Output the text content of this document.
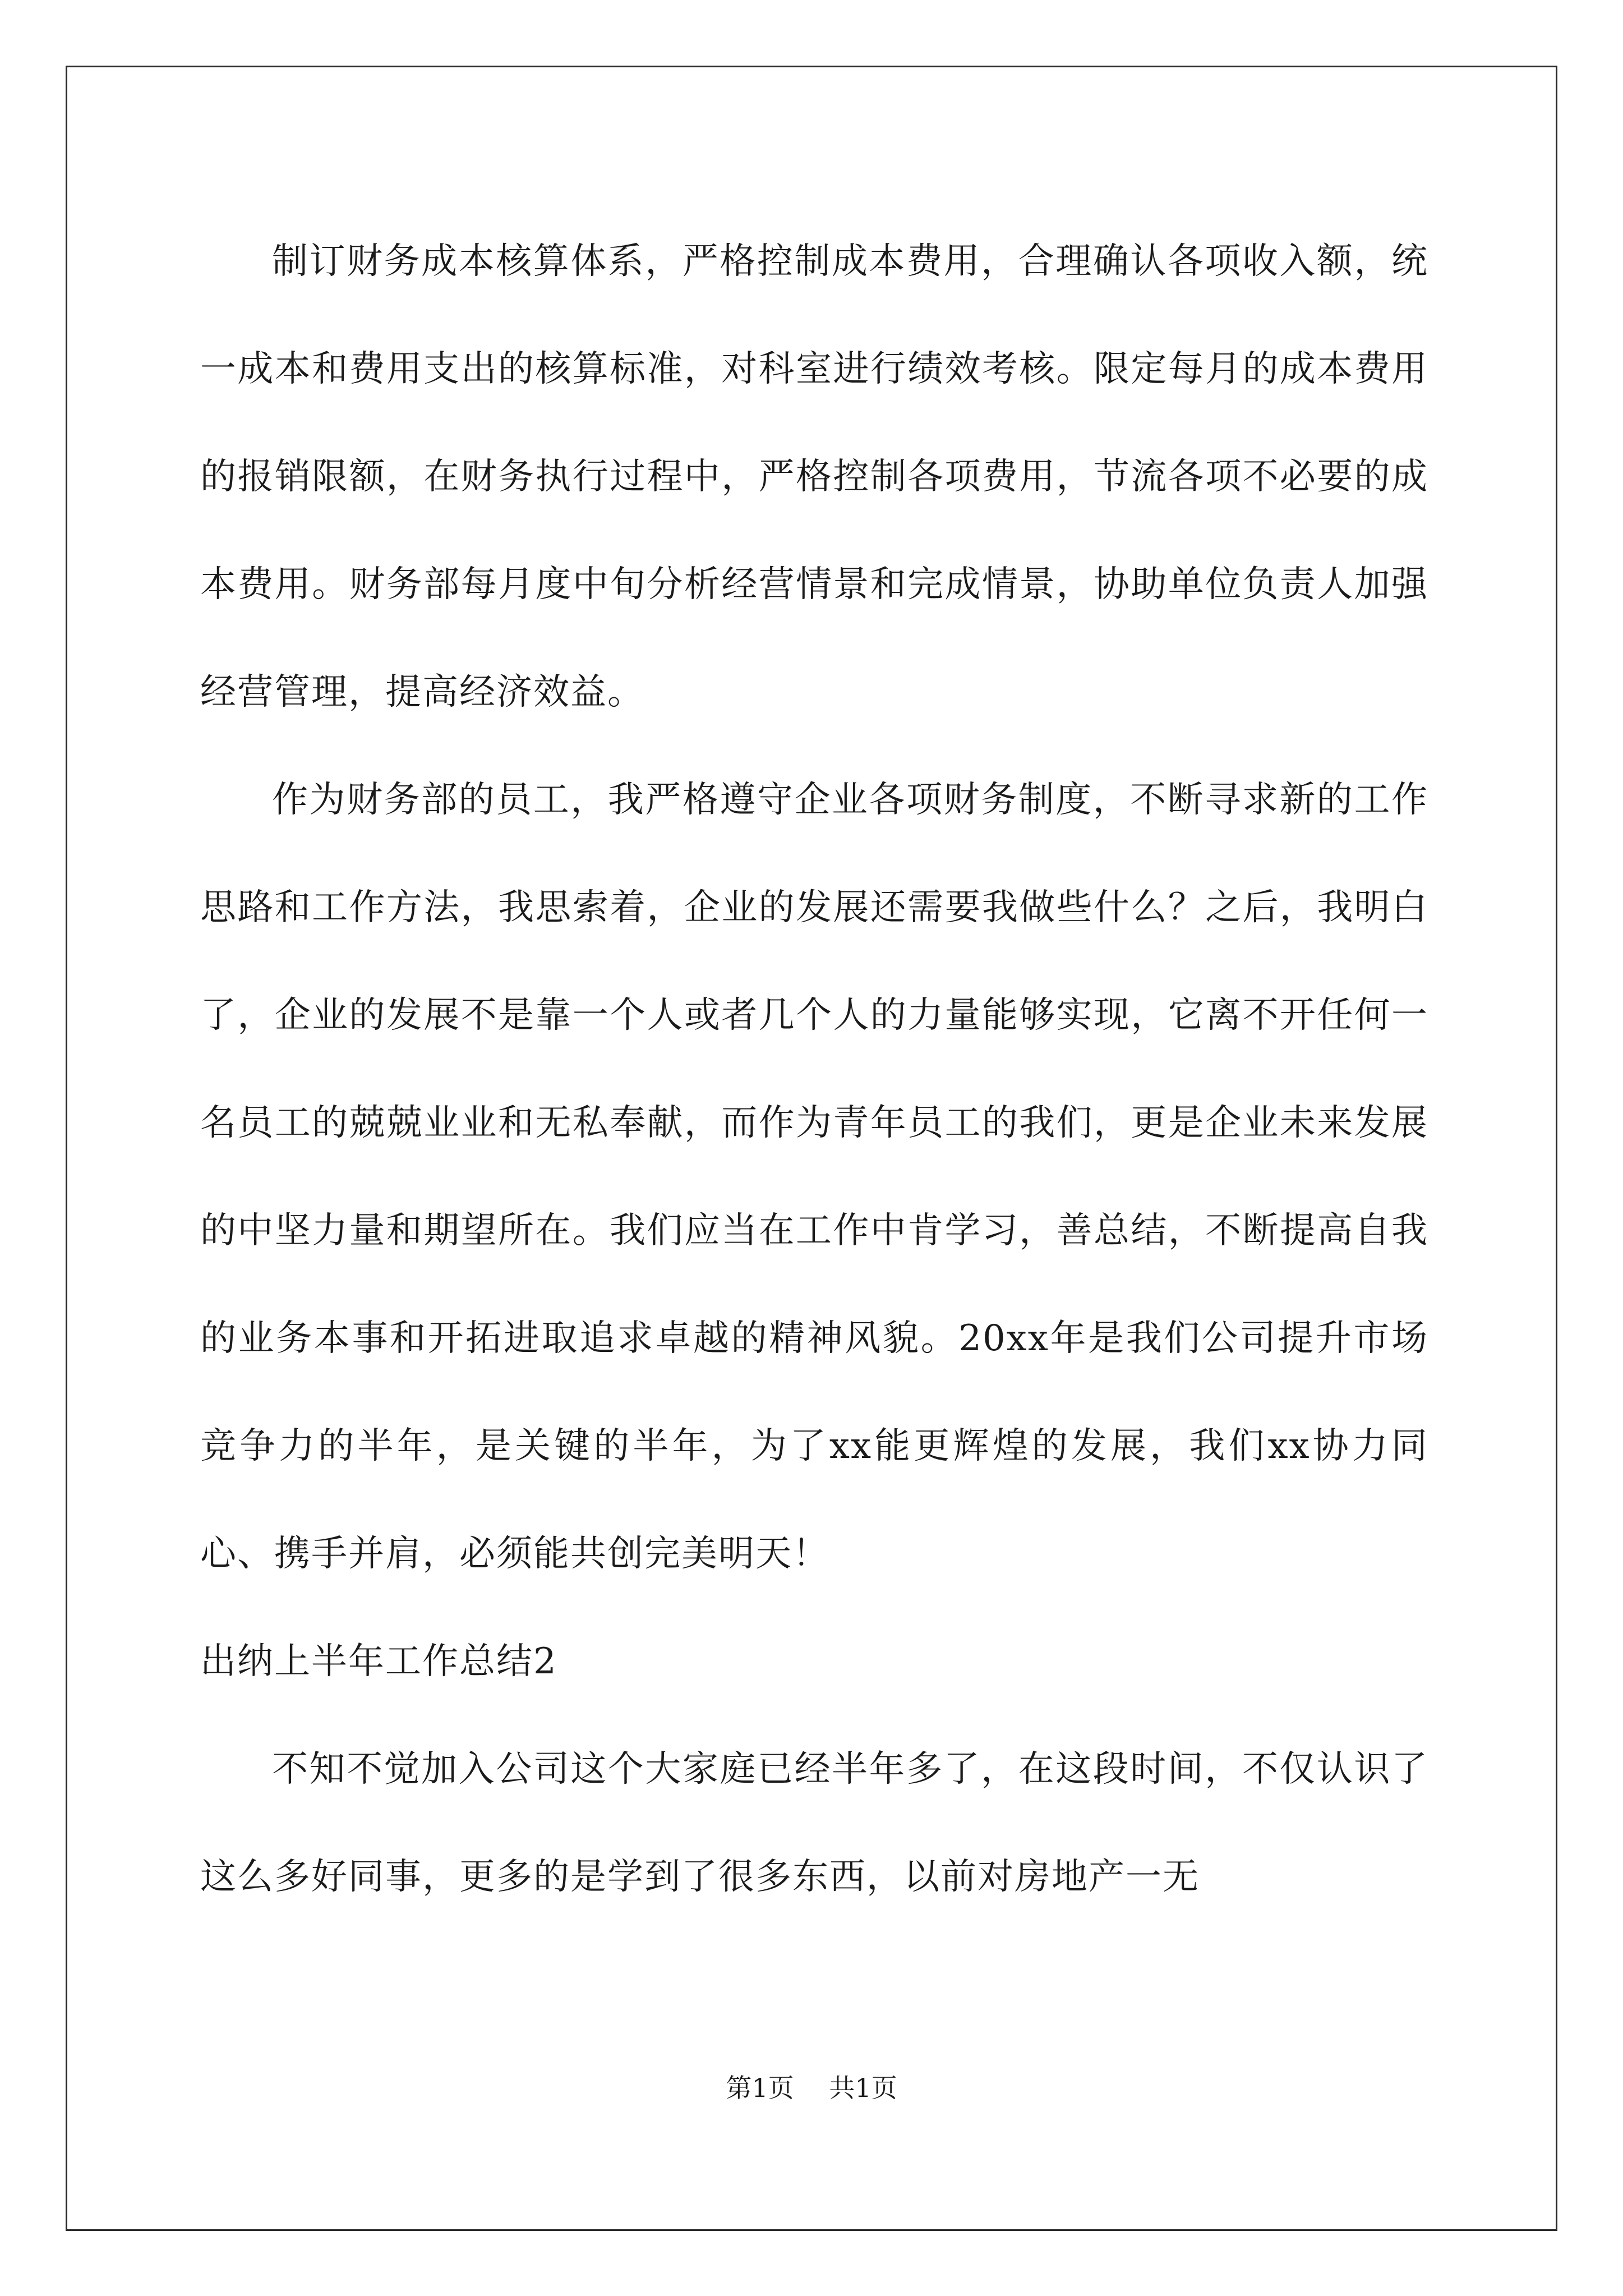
制订财务成本核算体系，严格控制成本费用，合理确认各项收入额，统一成本和费用支出的核算标准，对科室进行绩效考核。限定每月的成本费用的报销限额，在财务执行过程中，严格控制各项费用，节流各项不必要的成本费用。财务部每月度中旬分析经营情景和完成情景，协助单位负责人加强经营管理，提高经济效益。

作为财务部的员工，我严格遵守企业各项财务制度，不断寻求新的工作思路和工作方法，我思索着，企业的发展还需要我做些什么？之后，我明白了，企业的发展不是靠一个人或者几个人的力量能够实现，它离不开任何一名员工的兢兢业业和无私奉献，而作为青年员工的我们，更是企业未来发展的中坚力量和期望所在。我们应当在工作中肯学习，善总结，不断提高自我的业务本事和开拓进取追求卓越的精神风貌。20xx年是我们公司提升市场竞争力的半年，是关键的半年，为了xx能更辉煌的发展，我们xx协力同心、携手并肩，必须能共创完美明天！

出纳上半年工作总结2

不知不觉加入公司这个大家庭已经半年多了，在这段时间，不仅认识了这么多好同事，更多的是学到了很多东西，以前对房地产一无

第1页 共1页
